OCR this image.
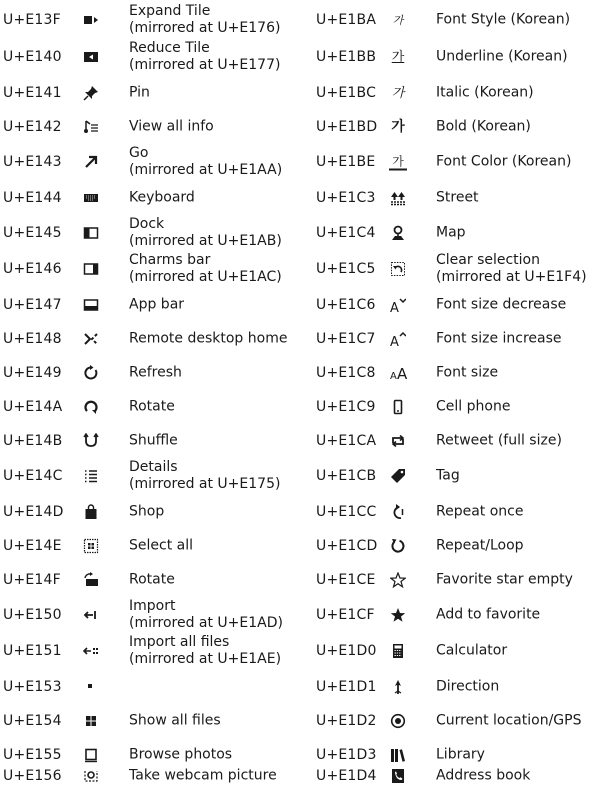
U+E13F
Expand Tile
(mirrored at U+E176)
U+E140
Reduce Tile
(mirrored at U+E177)
U+E141	Pin
U+E142	View all info
U+E143
Go
(mirrored at U+E1AA)
U+E144	Keyboard
U+E145
Dock
(mirrored at U+E1AB)
U+E146
Charms bar
(mirrored at U+E1AC)
U+E147	App bar
U+E148	Remote desktop home
U+E149	Refresh
U+E14A	Rotate
U+E14B	Shuffle
U+E14C
Details
(mirrored at U+E175)
U+E14D	Shop
U+E14E	Select all
U+E14F	Rotate
U+E150
Import
(mirrored at U+E1AD)
U+E151
Import all files
(mirrored at U+E1AE)
U+E153
U+E154	Show all files
U+E155	Browse photos
U+E156	Take webcam picture
U+E1BA	가 Font Style (Korean)
U+E1BB 가 Underline (Korean)
U+E1BC 가 Italic (Korean)
U+E1BD 가 Bold (Korean)
U+E1BE 가 Font Color (Korean)
U+E1C3	Street
U+E1C4	Map
U+E1C5
Clear selection
(mirrored at U+E1F4)
U+E1C6 A	Font size decrease
U+E1C7 A	Font size increase
U+E1C8 A A Font size
U+E1C9	Cell phone
U+E1CA	Retweet (full size)
U+E1CB	Tag
U+E1CC	Repeat once
U+E1CD	Repeat/Loop
U+E1CE	Favorite star empty
U+E1CF	Add to favorite
U+E1D0	Calculator
U+E1D1	Direction
U+E1D2	Current location/GPS
U+E1D3	Library
U+E1D4	Address book
